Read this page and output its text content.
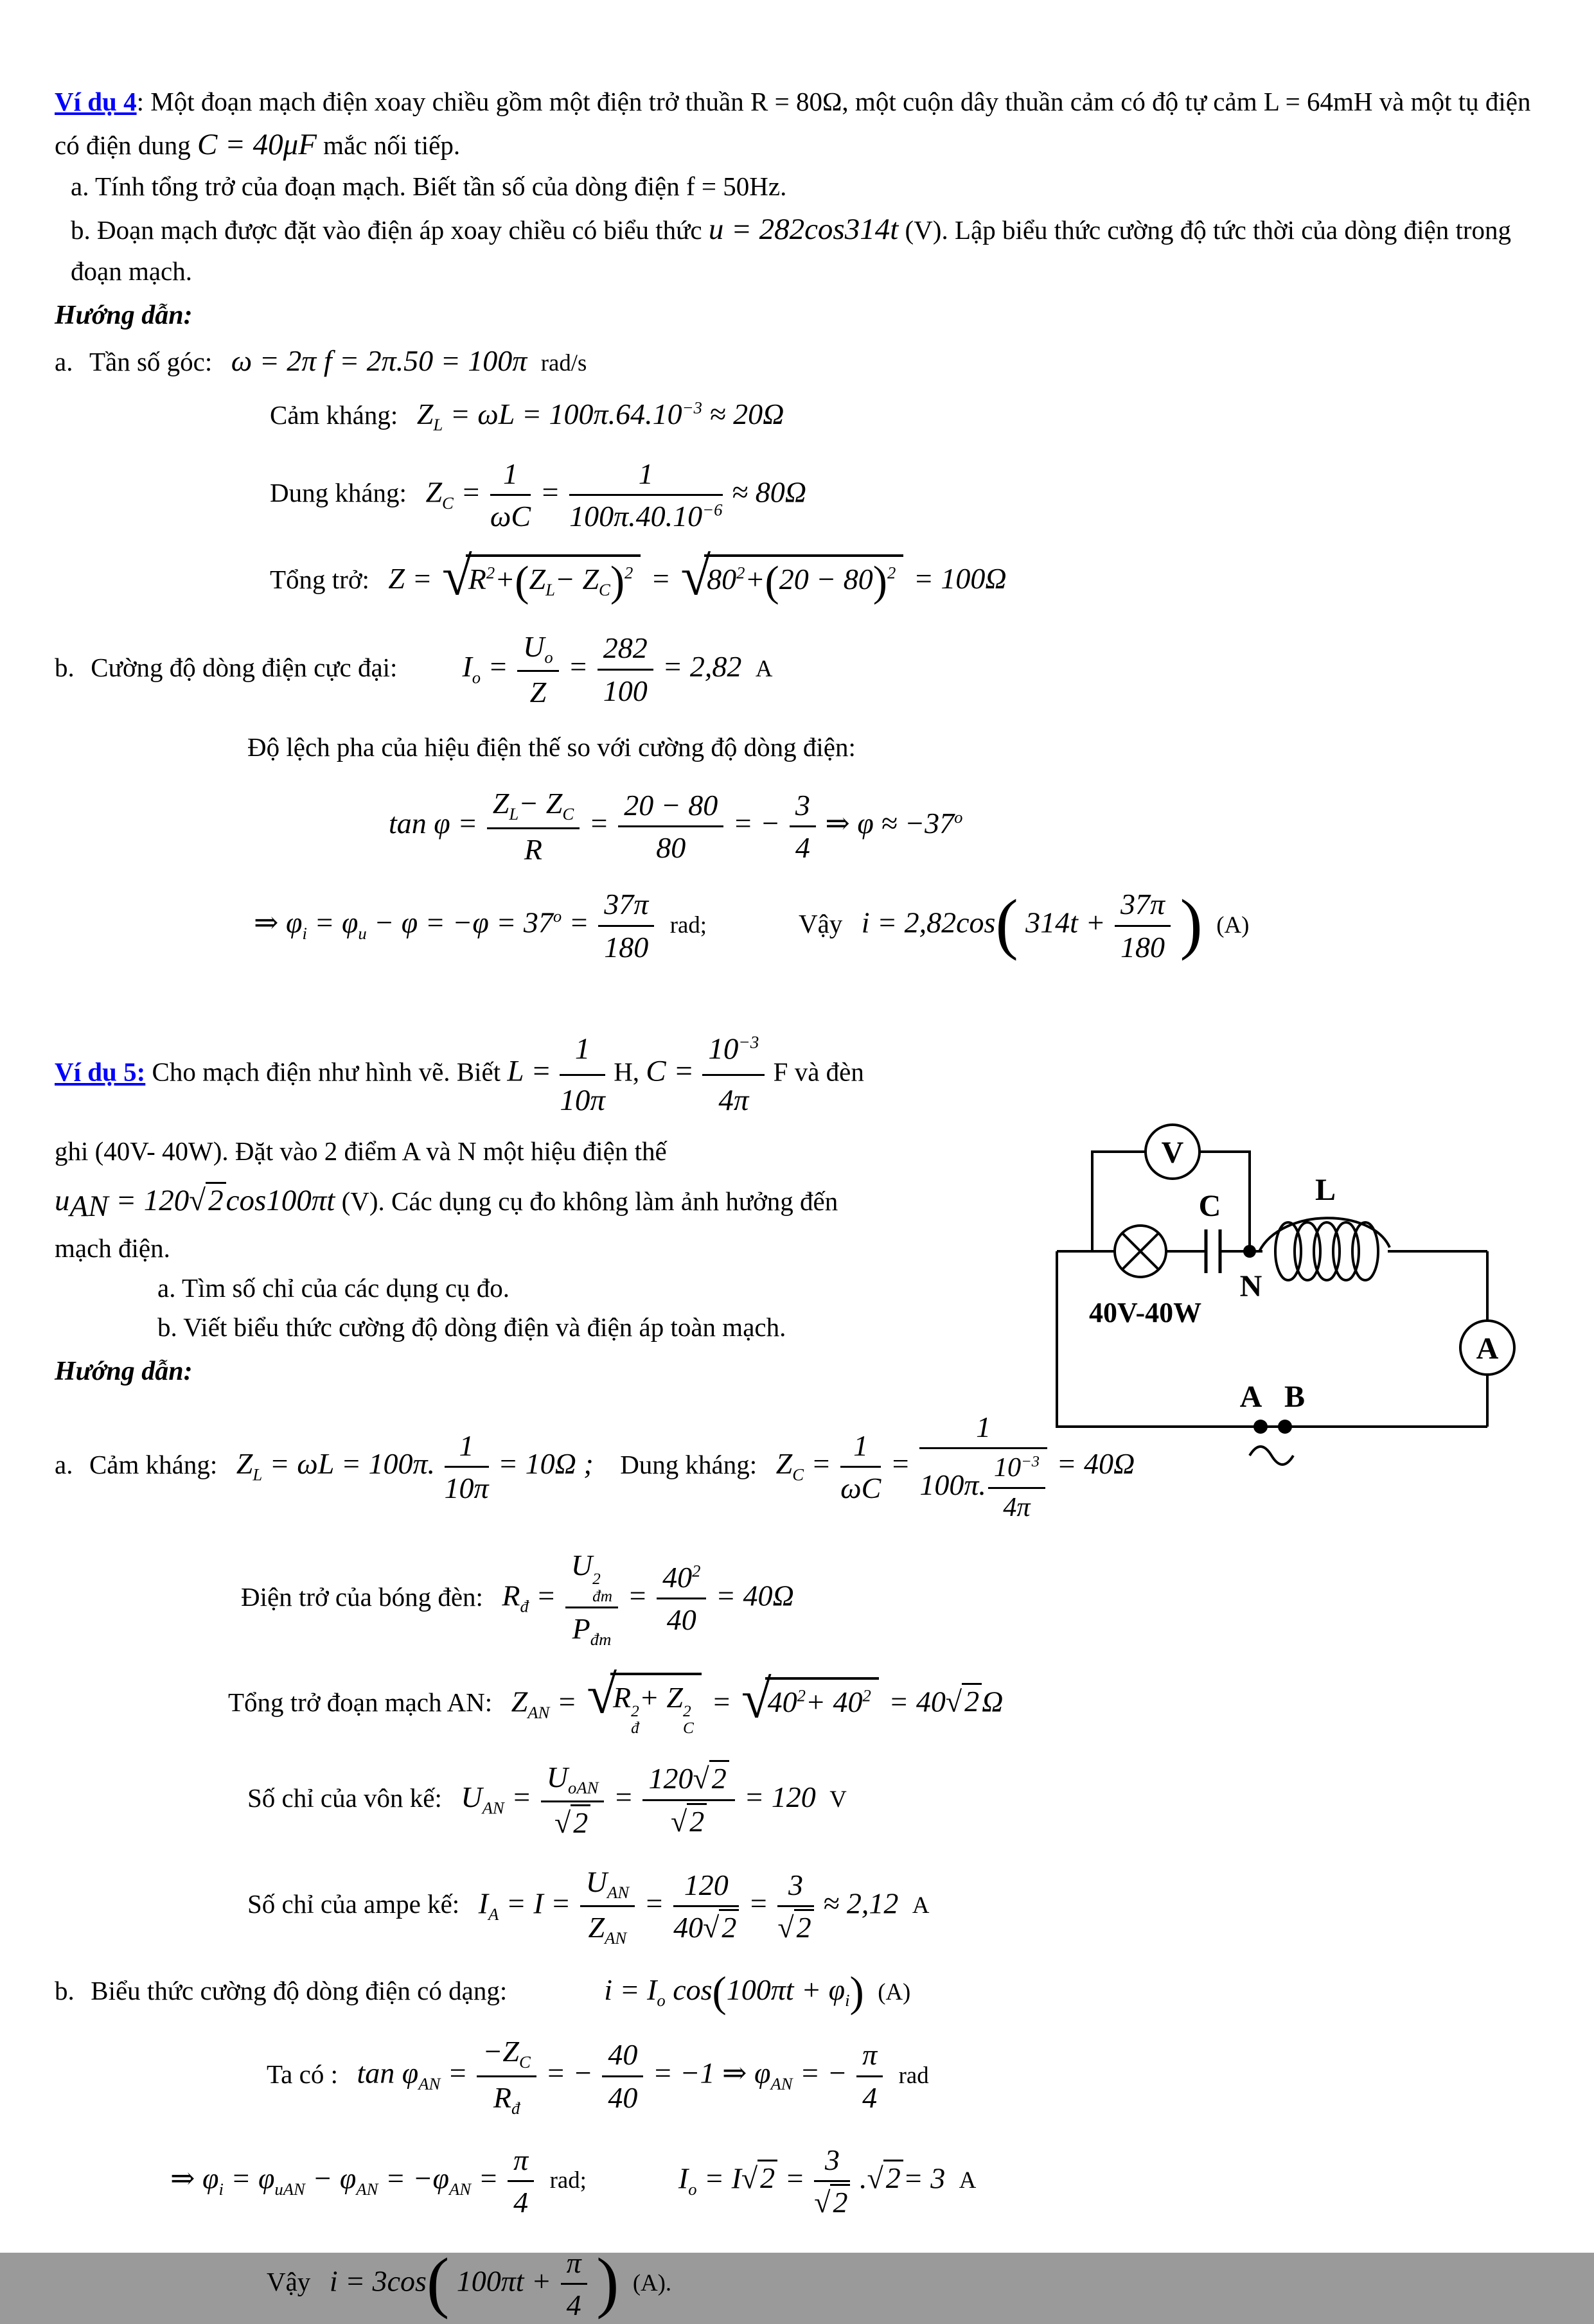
Ví dụ 4: Một đoạn mạch điện xoay chiều gồm một điện trở thuần R = 80Ω, một cuộn dây thuần cảm có độ tự cảm L = 64mH và một tụ điện có điện dung C = 40μF mắc nối tiếp.

a. Tính tổng trở của đoạn mạch. Biết tần số của dòng điện f = 50Hz.

b. Đoạn mạch được đặt vào điện áp xoay chiều có biểu thức u = 282cos314t (V). Lập biểu thức cường độ tức thời của dòng điện trong đoạn mạch.

Hướng dẫn:

a. Tần số góc: ω = 2π f = 2π.50 = 100π rad/s
Cảm kháng: $Z_L = \omega L = 100\pi.64.10^{-3} \approx 20\Omega$
Dung kháng: $Z_C = \frac{1}{\omega C} = \frac{1}{100\pi.40.10^{-6}} \approx 80\Omega$
Tổng trở: $Z = √R^2+(Z_L- Z_C)^2 = √80^2+(20 - 80)^2 = 100\Omega$
b. Cường độ dòng điện cực đại: $I_o = \frac{U_o}{Z} = \frac{282}{100} = 2,82$ A

Độ lệch pha của hiệu điện thế so với cường độ dòng điện:

$\tan \varphi = \frac{Z_L- Z_C}{R} = \frac{20 - 80}{80}$ = − $\frac{3}{4}$ ⇒ $\varphi \approx -37^o$
⇒ $\varphi_i = \varphi_u - \varphi = -\varphi = 37^o = \frac{37\pi}{180}$ rad;	Vậy i = 2,82cos( $314t + \frac{37\pi}{180}$ ) (A)
V
A
C	L
N
A B
40V-40W

Ví dụ 5: Cho mạch điện như hình vẽ. Biết $L = \frac{1}{10\pi} H$, $C = \frac{10^{-3}}{4\pi}$ F và đèn

ghi (40V- 40W). Đặt vào 2 điểm A và N một hiệu điện thế

$u_{AN} = 120√2\cos 100\pi t$ (V). Các dụng cụ đo không làm ảnh hưởng đến

mạch điện.

a. Tìm số chỉ của các dụng cụ đo.

b. Viết biểu thức cường độ dòng điện và điện áp toàn mạch.

Hướng dẫn:

a. Cảm kháng: $Z_L = \omega L = 100\pi$. $\frac{1}{10\pi} = 10\Omega$ ; Dung kháng: $Z_C = \frac{1}{\omega C} = \frac{1}{100\pi. \frac{10^{-3}}{4\pi}} = 40\Omega$
Điện trở của bóng đèn: $R_đ = U$ 2
đm
$P_{đm} = \frac{40^2}{40} = 40\Omega$
Tổng trở đoạn mạch AN: $Z_{AN} = √R$ 2
đ
+ Z 2
C
= $√40^2+ 40^2 = 40√2\Omega$
Số chỉ của vôn kế: $U_{AN} = \frac{U_{oAN}}{√2} = \frac{120√2}{√2} = 120$ V
Số chỉ của ampe kế: $I_A = I = \frac{U_{AN}}{Z_{AN}} = \frac{120}{40√2} = \frac{3}{√2} \approx 2,12$ A
b. Biểu thức cường độ dòng điện có dạng:	$i = I_o$ $\cos(100\pi t + \varphi_i)$ (A)
Ta có : $\tan \varphi_{AN} = \frac{-Z_C}{R_đ}$ = − $\frac{40}{40} = -1$ ⇒ $\varphi_{AN}$ = − $\frac{\pi}{4}$ rad
⇒ $\varphi_i = \varphi_{uAN} - \varphi_{AN} = -\varphi_{AN} = \frac{\pi}{4}$ rad;	$I_o = I√2 = \frac{3}{√2} .√2= 3$ A
Vậy i = 3cos( $100\pi t + \frac{\pi}{4}$ ) (A).
